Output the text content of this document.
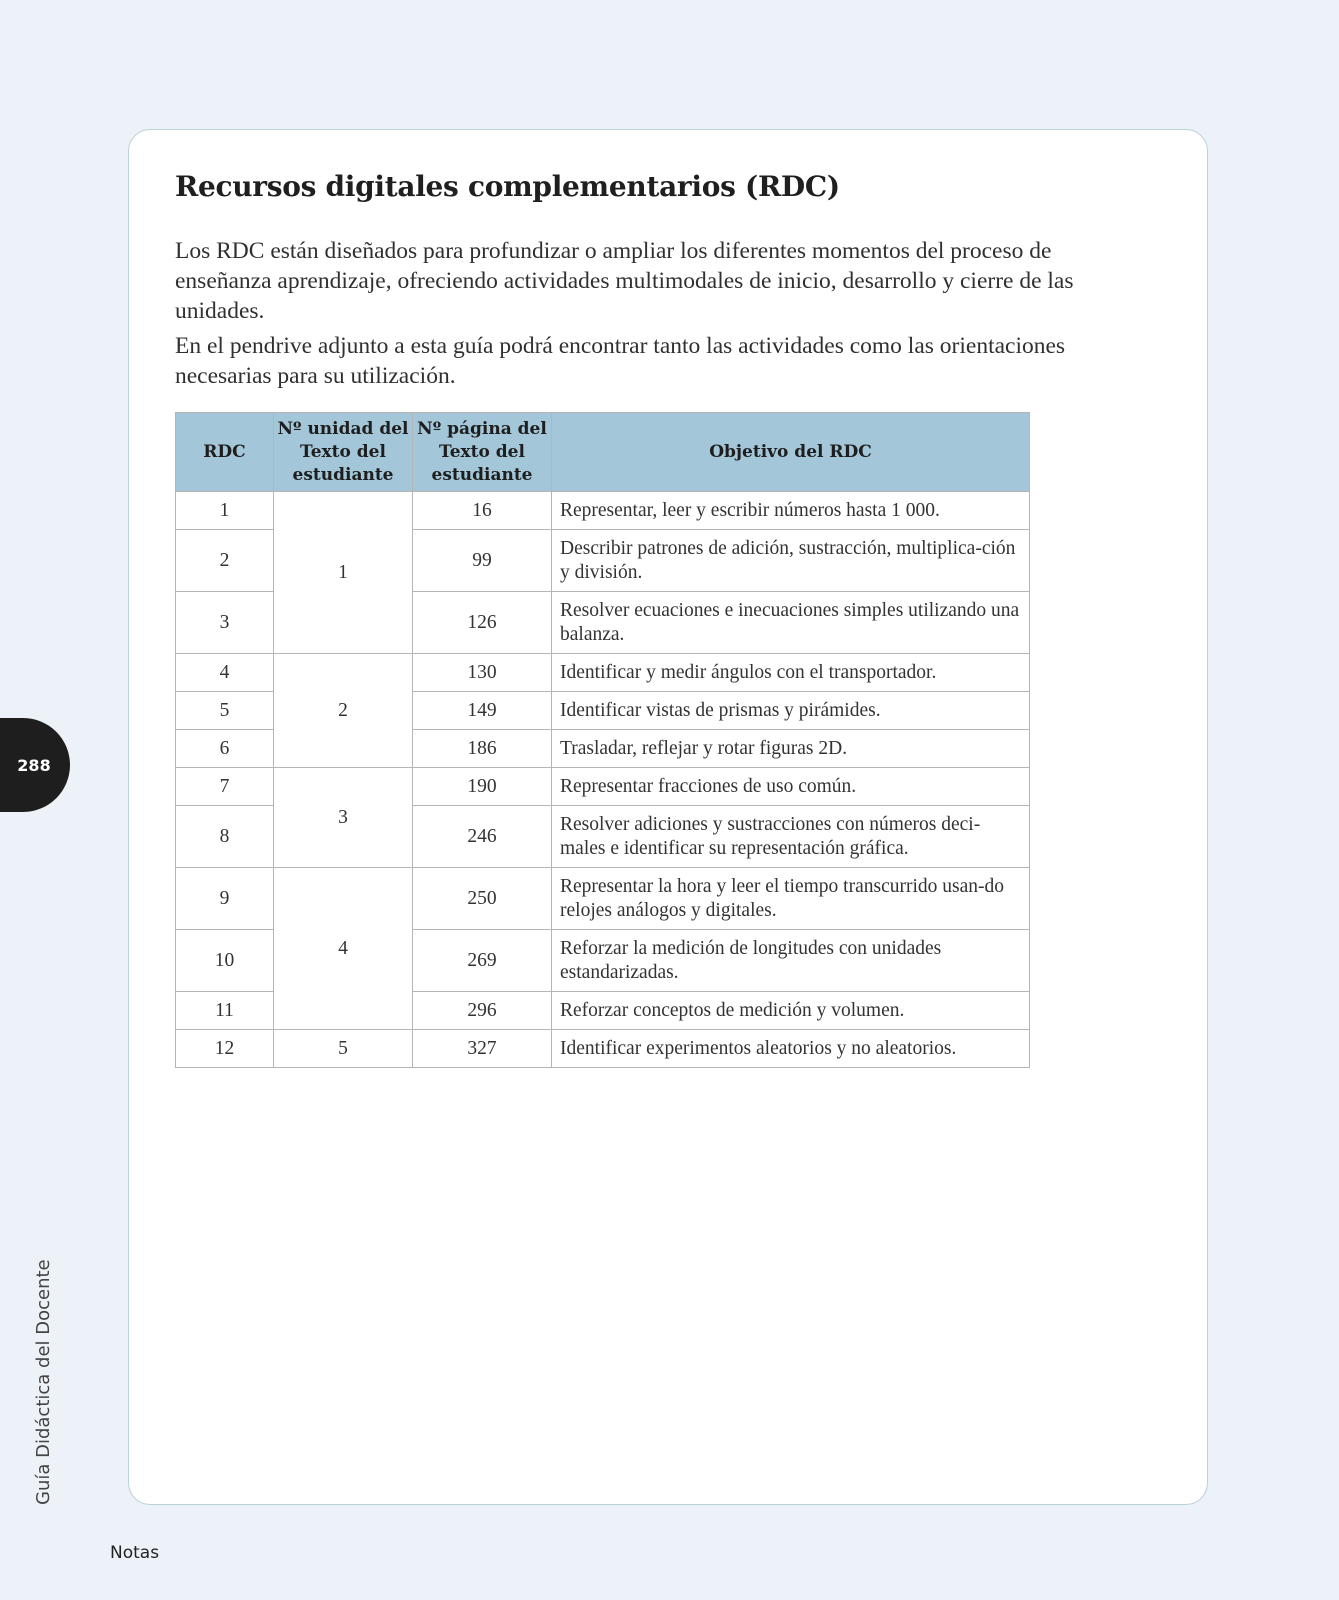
Recursos digitales complementarios (RDC)

Los RDC están diseñados para profundizar o ampliar los diferentes momentos del proceso de enseñanza aprendizaje, ofreciendo actividades multimodales de inicio, desarrollo y cierre de las unidades.

En el pendrive adjunto a esta guía podrá encontrar tanto las actividades como las orientaciones necesarias para su utilización.

RDC	Nº unidad del Texto del estudiante	Nº página del Texto del estudiante	Objetivo del RDC
1	1	16	Representar, leer y escribir números hasta 1 000.
2		99	Describir patrones de adición, sustracción, multiplica-ción y división.
3		126	Resolver ecuaciones e inecuaciones simples utilizando una balanza.
4	2	130	Identificar y medir ángulos con el transportador.
5		149	Identificar vistas de prismas y pirámides.
6		186	Trasladar, reflejar y rotar figuras 2D.
7	3	190	Representar fracciones de uso común.
8		246	Resolver adiciones y sustracciones con números deci-males e identificar su representación gráfica.
9	4	250	Representar la hora y leer el tiempo transcurrido usan-do relojes análogos y digitales.
10		269	Reforzar la medición de longitudes con unidades estandarizadas.
11		296	Reforzar conceptos de medición y volumen.
12	5	327	Identificar experimentos aleatorios y no aleatorios.
288
Guía Didáctica del Docente
Notas
